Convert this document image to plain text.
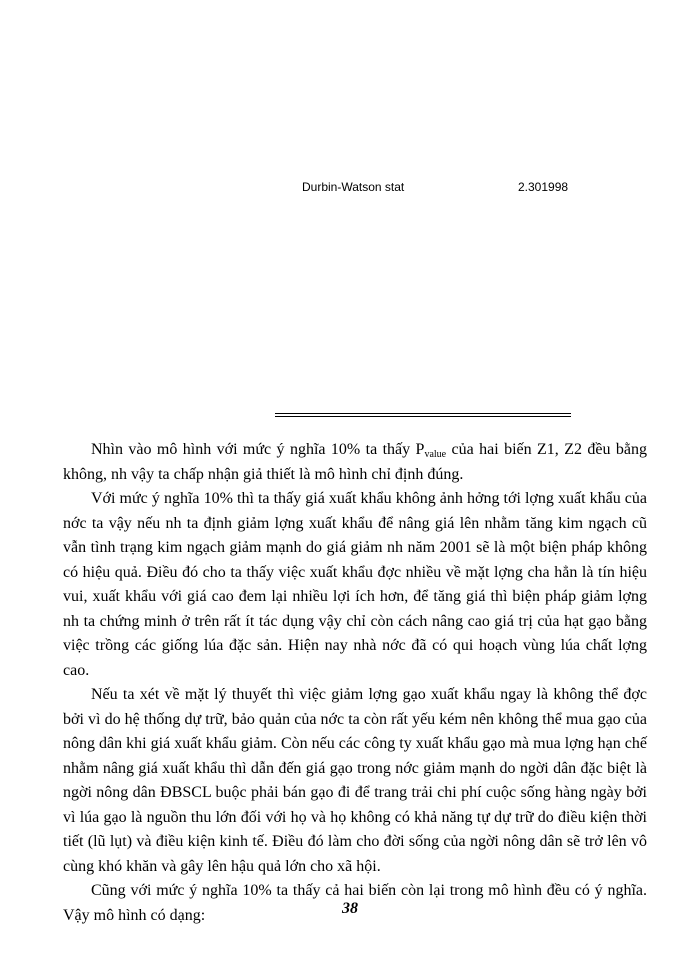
Durbin-Watson stat	2.301998

Nhìn vào mô hình với mức ý nghĩa 10% ta thấy $P_{value}$ của hai biến Z1, Z2 đều bằng không, nh vậy ta chấp nhận giả thiết là mô hình chỉ định đúng.

Với mức ý nghĩa 10% thì ta thấy giá xuất khẩu không ảnh hởng tới lợng xuất khẩu của nớc ta vậy nếu nh ta định giảm lợng xuất khẩu để nâng giá lên nhằm tăng kim ngạch cũ vẫn tình trạng kim ngạch giảm mạnh do giá giảm nh năm 2001 sẽ là một biện pháp không có hiệu quả. Điều đó cho ta thấy việc xuất khẩu đợc nhiều về mặt lợng cha hẳn là tín hiệu vui, xuất khẩu với giá cao đem lại nhiều lợi ích hơn, để tăng giá thì biện pháp giảm lợng nh ta chứng minh ở trên rất ít tác dụng vậy chỉ còn cách nâng cao giá trị của hạt gạo bằng việc trồng các giống lúa đặc sản. Hiện nay nhà nớc đã có qui hoạch vùng lúa chất lợng cao.

Nếu ta xét về mặt lý thuyết thì việc giảm lợng gạo xuất khẩu ngay là không thể đợc bởi vì do hệ thống dự trữ, bảo quản của nớc ta còn rất yếu kém nên không thể mua gạo của nông dân khi giá xuất khẩu giảm. Còn nếu các công ty xuất khẩu gạo mà mua lợng hạn chế nhằm nâng giá xuất khẩu thì dẫn đến giá gạo trong nớc giảm mạnh do ngời dân đặc biệt là ngời nông dân ĐBSCL buộc phải bán gạo đi để trang trải chi phí cuộc sống hàng ngày bởi vì lúa gạo là nguồn thu lớn đối với họ và họ không có khả năng tự dự trữ do điều kiện thời tiết (lũ lụt) và điều kiện kinh tế. Điều đó làm cho đời sống của ngời nông dân sẽ trở lên vô cùng khó khăn và gây lên hậu quả lớn cho xã hội.

Cũng với mức ý nghĩa 10% ta thấy cả hai biến còn lại trong mô hình đều có ý nghĩa. Vậy mô hình có dạng:	38
